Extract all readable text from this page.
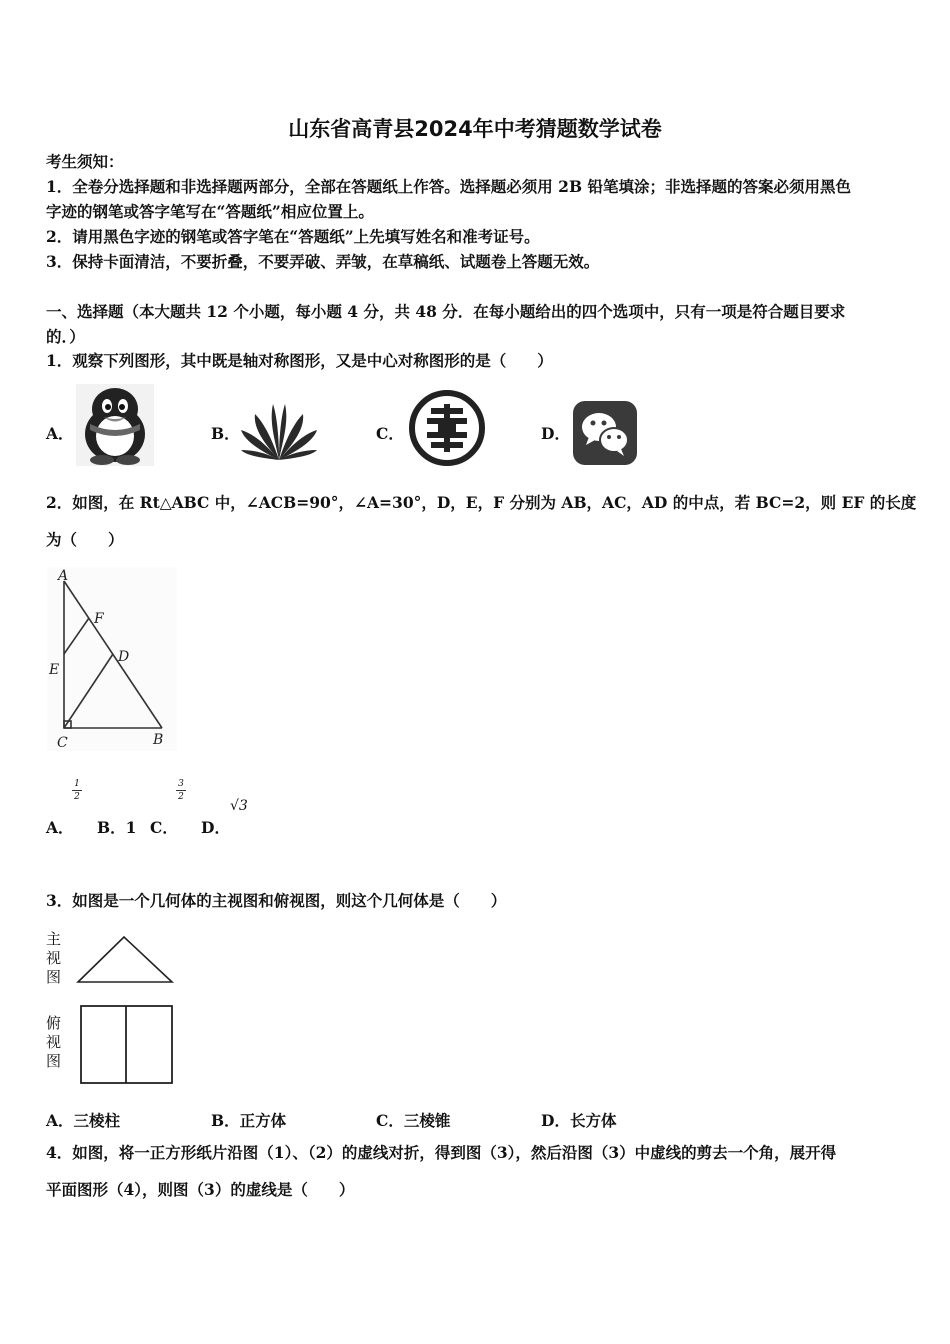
山东省高青县2024年中考猜题数学试卷
考生须知：
1．全卷分选择题和非选择题两部分，全部在答题纸上作答。选择题必须用 2B 铅笔填涂；非选择题的答案必须用黑色
字迹的钢笔或答字笔写在“答题纸”相应位置上。
2．请用黑色字迹的钢笔或答字笔在“答题纸”上先填写姓名和准考证号。
3．保持卡面清洁，不要折叠，不要弄破、弄皱，在草稿纸、试题卷上答题无效。
一、选择题（本大题共 12 个小题，每小题 4 分，共 48 分．在每小题给出的四个选项中，只有一项是符合题目要求
的．）
1．观察下列图形，其中既是轴对称图形，又是中心对称图形的是（　　）
A．	B．	C．	D．
2．如图，在 Rt△ABC 中，∠ACB=90°，∠A=30°，D，E，F 分别为 AB，AC，AD 的中点，若 BC=2，则 EF 的长度
为（　　）
A
F
D
E
C	B
1
2
3
2
√3
A． B．1 C． D．
3．如图是一个几何体的主视图和俯视图，则这个几何体是（　　）
主
视
图
俯
视
图
A．三棱柱	B．正方体	C．三棱锥	D．长方体
4．如图，将一正方形纸片沿图（1）、（2）的虚线对折，得到图（3），然后沿图（3）中虚线的剪去一个角，展开得
平面图形（4），则图（3）的虚线是（　　）
